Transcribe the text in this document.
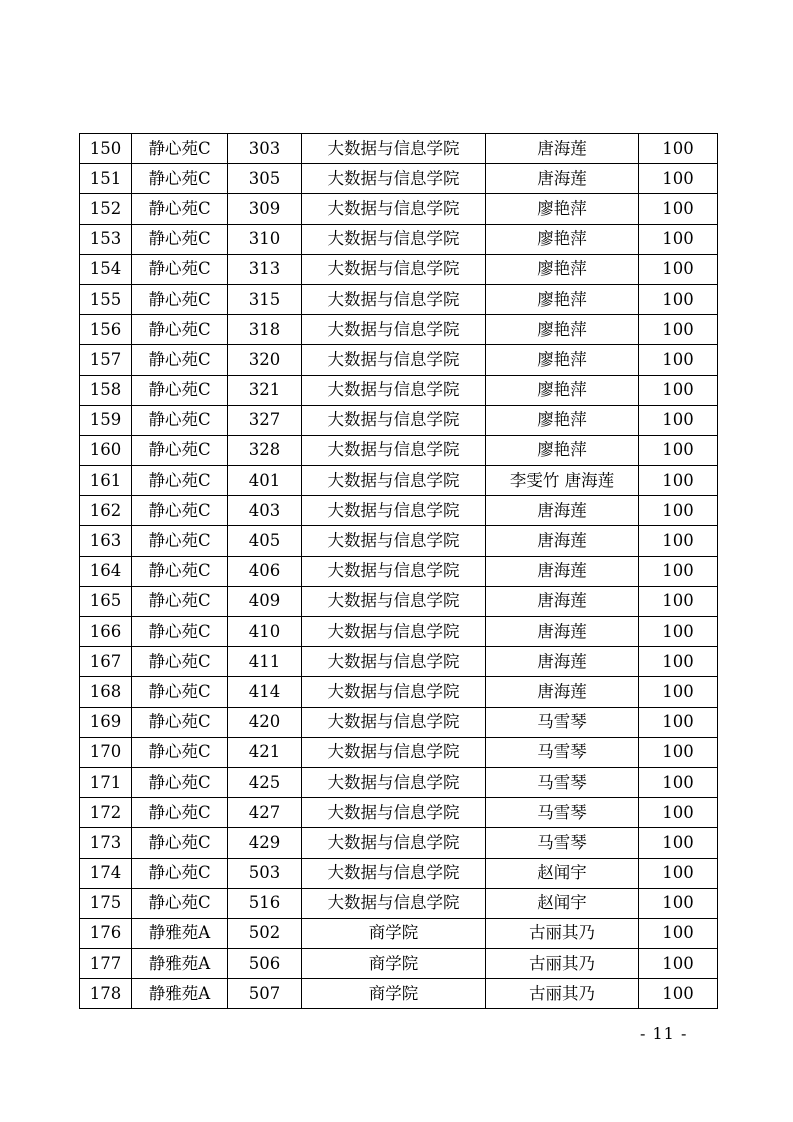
150	静心苑C	303	大数据与信息学院	唐海莲	100
151	静心苑C	305	大数据与信息学院	唐海莲	100
152	静心苑C	309	大数据与信息学院	廖艳萍	100
153	静心苑C	310	大数据与信息学院	廖艳萍	100
154	静心苑C	313	大数据与信息学院	廖艳萍	100
155	静心苑C	315	大数据与信息学院	廖艳萍	100
156	静心苑C	318	大数据与信息学院	廖艳萍	100
157	静心苑C	320	大数据与信息学院	廖艳萍	100
158	静心苑C	321	大数据与信息学院	廖艳萍	100
159	静心苑C	327	大数据与信息学院	廖艳萍	100
160	静心苑C	328	大数据与信息学院	廖艳萍	100
161	静心苑C	401	大数据与信息学院	李雯竹 唐海莲	100
162	静心苑C	403	大数据与信息学院	唐海莲	100
163	静心苑C	405	大数据与信息学院	唐海莲	100
164	静心苑C	406	大数据与信息学院	唐海莲	100
165	静心苑C	409	大数据与信息学院	唐海莲	100
166	静心苑C	410	大数据与信息学院	唐海莲	100
167	静心苑C	411	大数据与信息学院	唐海莲	100
168	静心苑C	414	大数据与信息学院	唐海莲	100
169	静心苑C	420	大数据与信息学院	马雪琴	100
170	静心苑C	421	大数据与信息学院	马雪琴	100
171	静心苑C	425	大数据与信息学院	马雪琴	100
172	静心苑C	427	大数据与信息学院	马雪琴	100
173	静心苑C	429	大数据与信息学院	马雪琴	100
174	静心苑C	503	大数据与信息学院	赵闻宇	100
175	静心苑C	516	大数据与信息学院	赵闻宇	100
176	静雅苑A	502	商学院	古丽其乃	100
177	静雅苑A	506	商学院	古丽其乃	100
178	静雅苑A	507	商学院	古丽其乃	100
- 11 -
